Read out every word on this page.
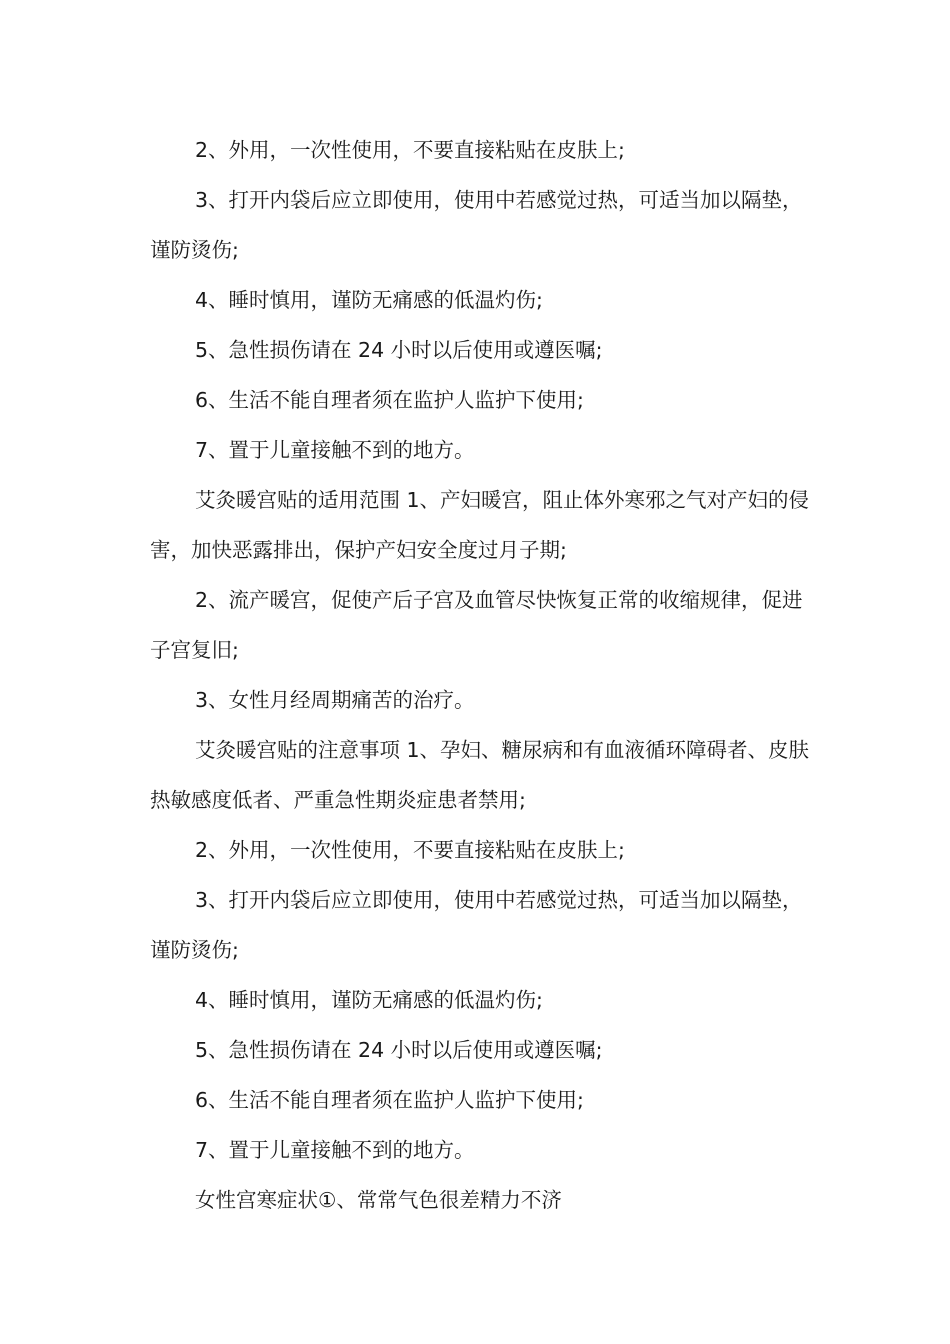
2、外用，一次性使用，不要直接粘贴在皮肤上;

3、打开内袋后应立即使用，使用中若感觉过热，可适当加以隔垫，谨防烫伤;

4、睡时慎用，谨防无痛感的低温灼伤;

5、急性损伤请在 24 小时以后使用或遵医嘱;

6、生活不能自理者须在监护人监护下使用;

7、置于儿童接触不到的地方。

艾灸暖宫贴的适用范围 1、产妇暖宫，阻止体外寒邪之气对产妇的侵害，加快恶露排出，保护产妇安全度过月子期;

2、流产暖宫，促使产后子宫及血管尽快恢复正常的收缩规律，促进子宫复旧;

3、女性月经周期痛苦的治疗。

艾灸暖宫贴的注意事项 1、孕妇、糖尿病和有血液循环障碍者、皮肤热敏感度低者、严重急性期炎症患者禁用;

2、外用，一次性使用，不要直接粘贴在皮肤上;

3、打开内袋后应立即使用，使用中若感觉过热，可适当加以隔垫，谨防烫伤;

4、睡时慎用，谨防无痛感的低温灼伤;

5、急性损伤请在 24 小时以后使用或遵医嘱;

6、生活不能自理者须在监护人监护下使用;

7、置于儿童接触不到的地方。

女性宫寒症状①、常常气色很差精力不济
